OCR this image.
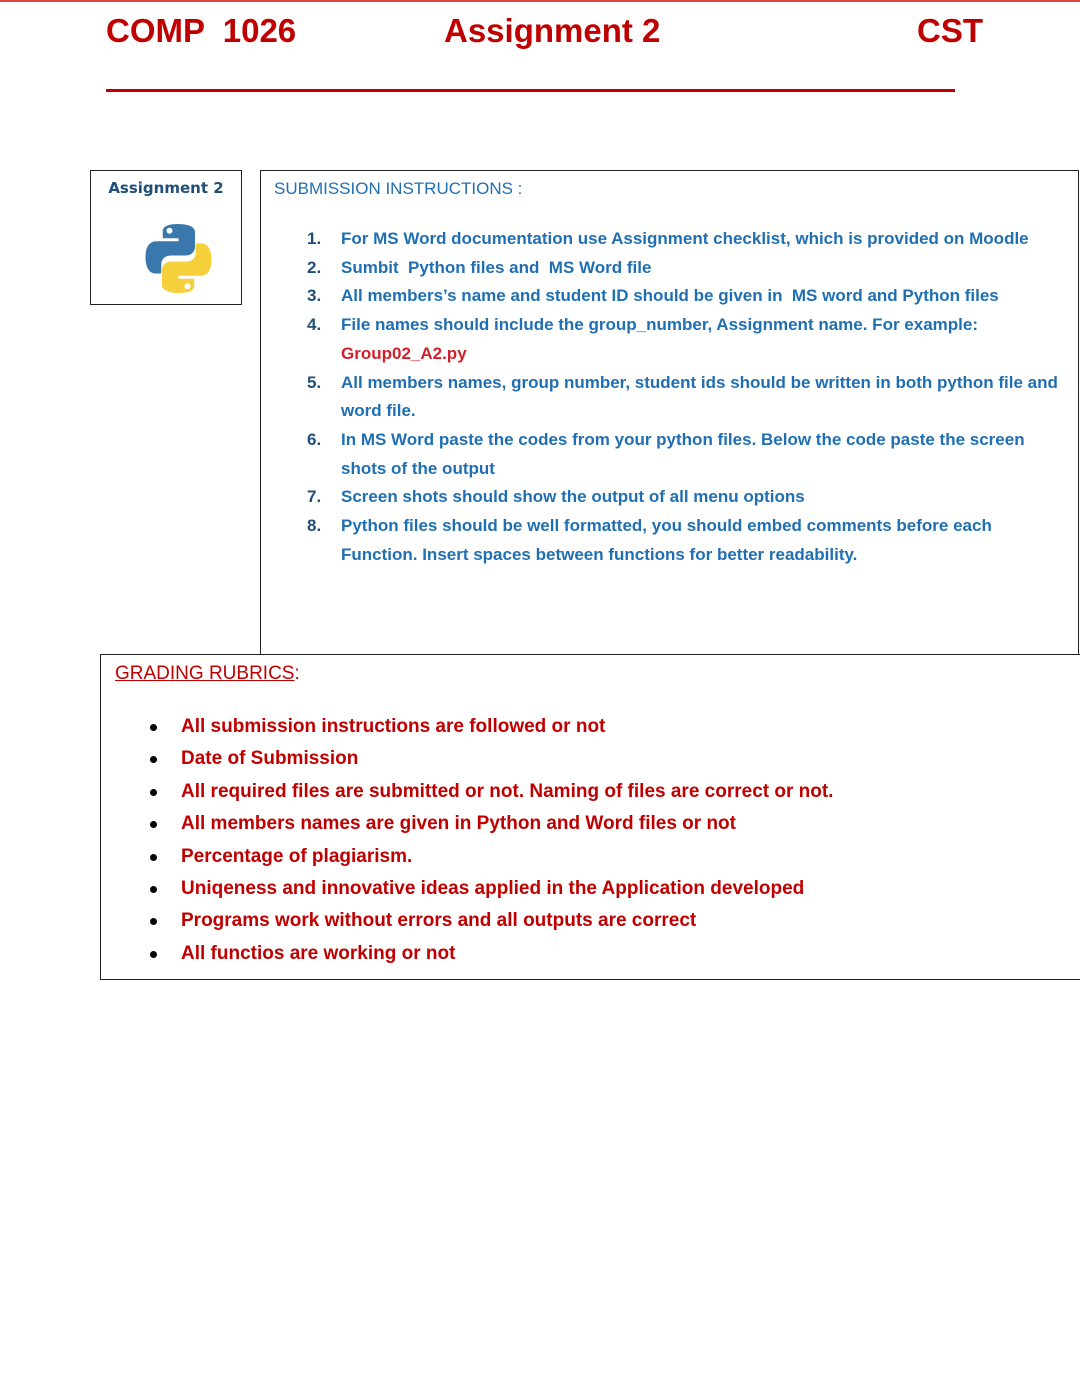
COMP  1026	Assignment 2	CST
Assignment 2	SUBMISSION INSTRUCTIONS :
1. For MS Word documentation use Assignment checklist, which is provided on Moodle
2. Sumbit  Python files and  MS Word file
3. All members’s name and student ID should be given in  MS word and Python files
4. File names should include the group_number, Assignment name. For example:
Group02_A2.py
5. All members names, group number, student ids should be written in both python file and word file.
6. In MS Word paste the codes from your python files. Below the code paste the screen shots of the output
7. Screen shots should show the output of all menu options
8. Python files should be well formatted, you should embed comments before each Function. Insert spaces between functions for better readability.
GRADING RUBRICS:
All submission instructions are followed or not
Date of Submission
All required files are submitted or not. Naming of files are correct or not.
All members names are given in Python and Word files or not
Percentage of plagiarism.
Uniqeness and innovative ideas applied in the Application developed
Programs work without errors and all outputs are correct
All functios are working or not
